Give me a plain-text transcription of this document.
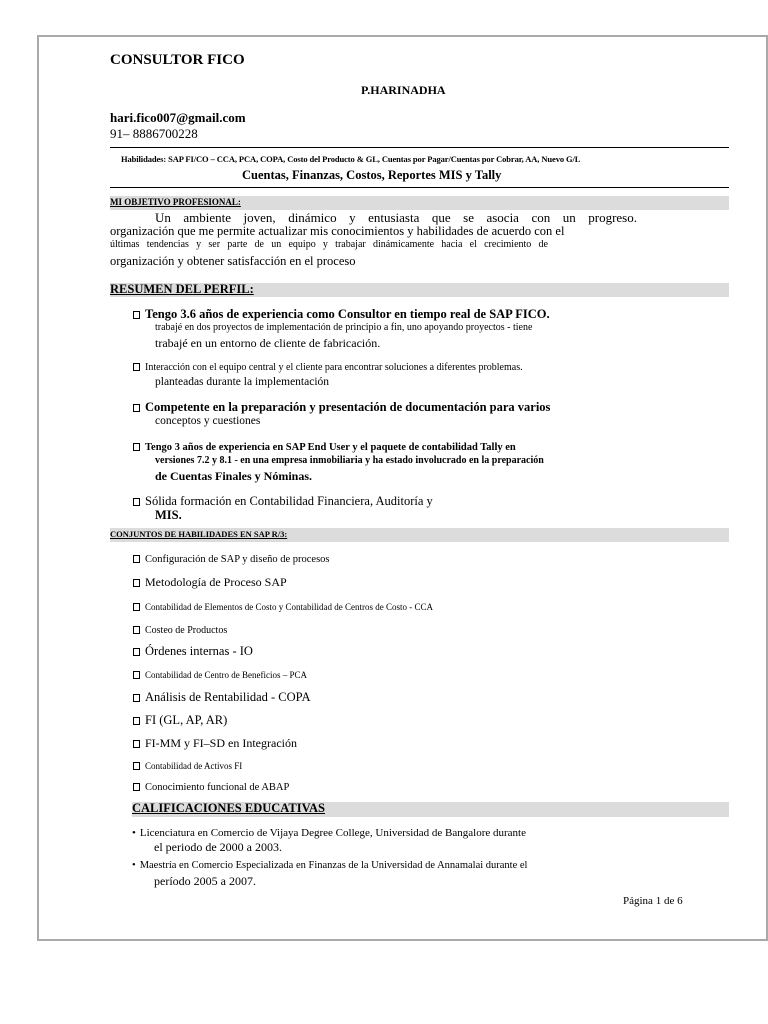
CONSULTOR FICO
P.HARINADHA
hari.fico007@gmail.com
91– 8886700228
Habilidades: SAP FI/CO – CCA, PCA, COPA, Costo del Producto & GL, Cuentas por Pagar/Cuentas por Cobrar, AA, Nuevo G/L
Cuentas, Finanzas, Costos, Reportes MIS y Tally
MI OBJETIVO PROFESIONAL:
Un ambiente joven, dinámico y entusiasta que se asocia con un progreso.
organización que me permite actualizar mis conocimientos y habilidades de acuerdo con el
últimas tendencias y ser parte de un equipo y trabajar dinámicamente hacia el crecimiento de
organización y obtener satisfacción en el proceso
RESUMEN DEL PERFIL:
Tengo 3.6 años de experiencia como Consultor en tiempo real de SAP FICO.
trabajé en dos proyectos de implementación de principio a fin, uno apoyando proyectos - tiene
trabajé en un entorno de cliente de fabricación.
Interacción con el equipo central y el cliente para encontrar soluciones a diferentes problemas.
planteadas durante la implementación
Competente en la preparación y presentación de documentación para varios
conceptos y cuestiones
Tengo 3 años de experiencia en SAP End User y el paquete de contabilidad Tally en
versiones 7.2 y 8.1 - en una empresa inmobiliaria y ha estado involucrado en la preparación
de Cuentas Finales y Nóminas.
Sólida formación en Contabilidad Financiera, Auditoría y
MIS.
CONJUNTOS DE HABILIDADES EN SAP R/3:
Configuración de SAP y diseño de procesos
Metodología de Proceso SAP
Contabilidad de Elementos de Costo y Contabilidad de Centros de Costo - CCA
Costeo de Productos
Órdenes internas - IO
Contabilidad de Centro de Beneficios – PCA
Análisis de Rentabilidad - COPA
FI (GL, AP, AR)
FI-MM y FI–SD en Integración
Contabilidad de Activos FI
Conocimiento funcional de ABAP
CALIFICACIONES EDUCATIVAS
• Licenciatura en Comercio de Vijaya Degree College, Universidad de Bangalore durante
el periodo de 2000 a 2003.
• Maestría en Comercio Especializada en Finanzas de la Universidad de Annamalai durante el
período 2005 a 2007.
Página 1 de 6
